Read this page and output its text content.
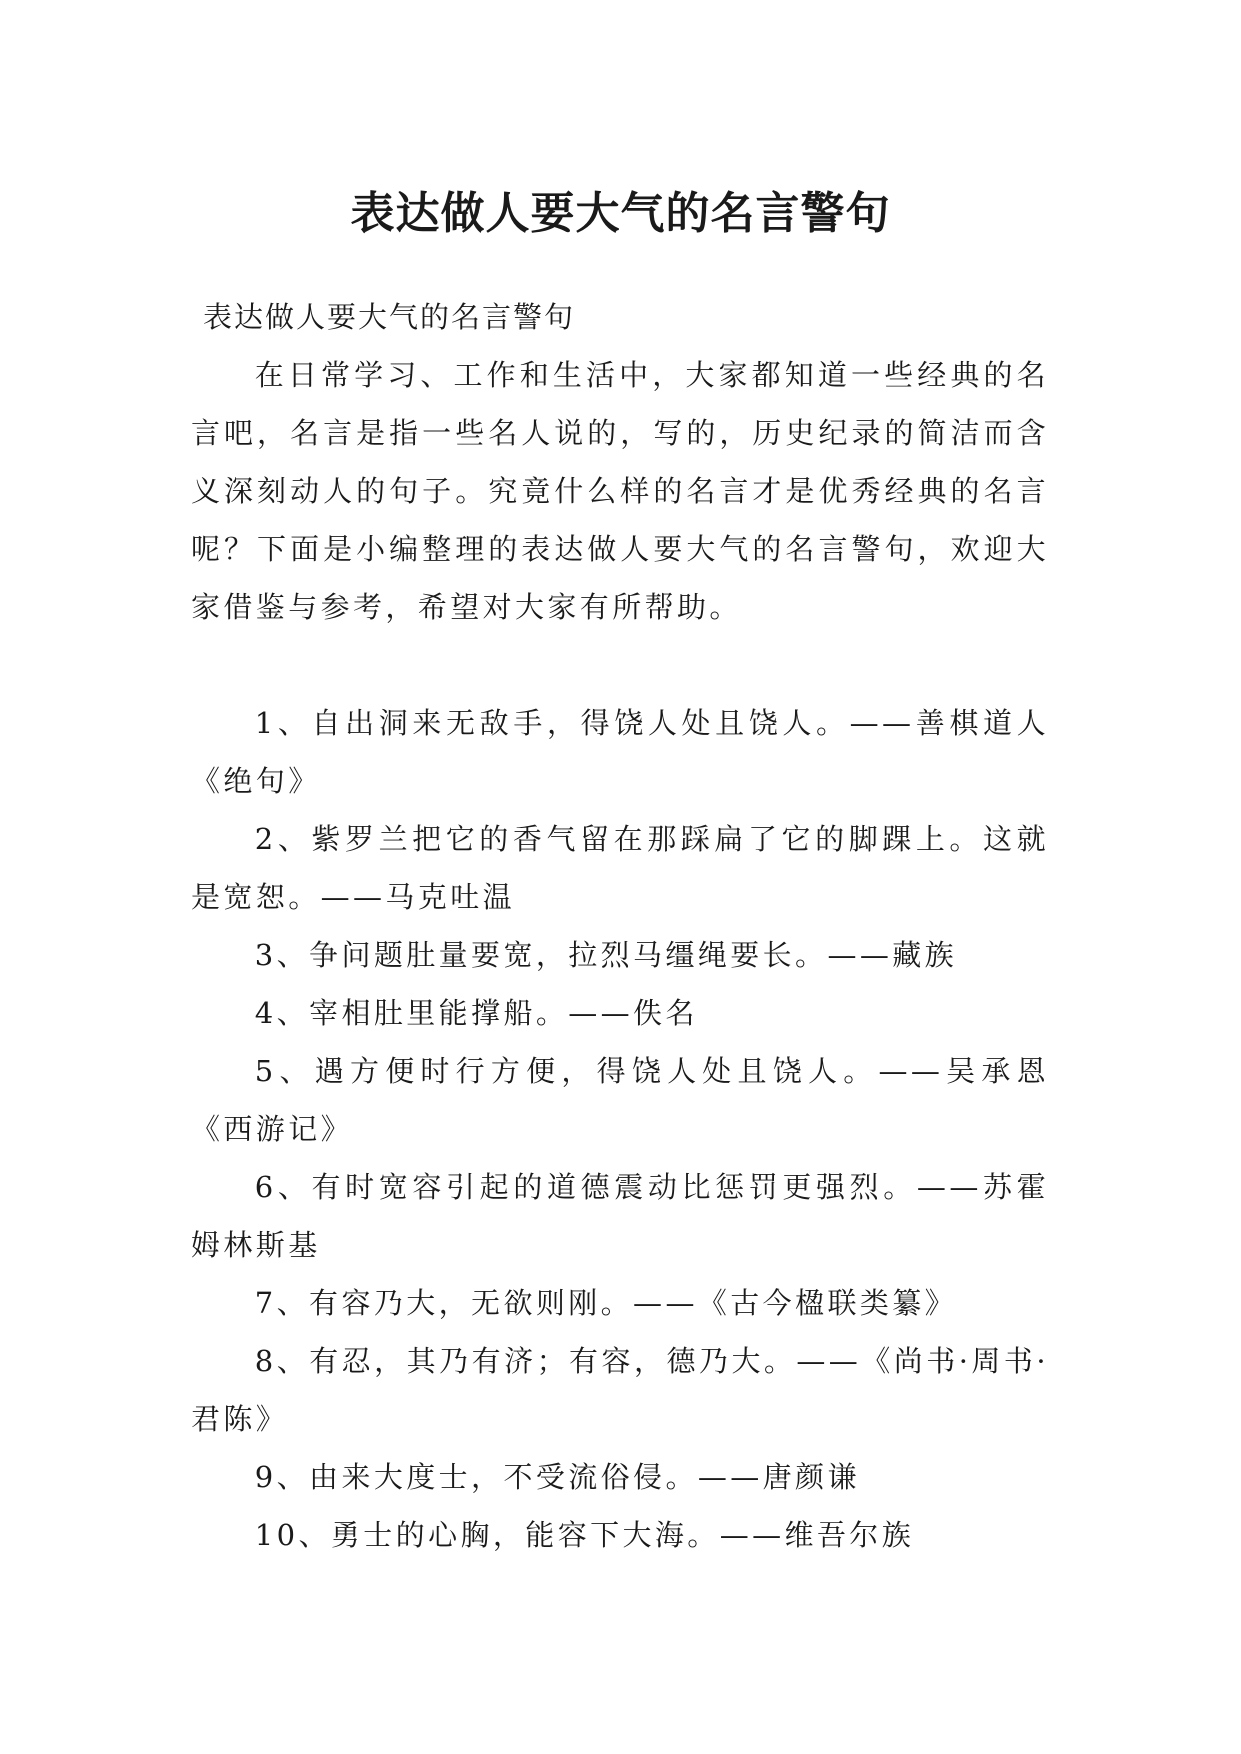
表达做人要大气的名言警句

表达做人要大气的名言警句

在日常学习、工作和生活中，大家都知道一些经典的名言吧，名言是指一些名人说的，写的，历史纪录的简洁而含义深刻动人的句子。究竟什么样的名言才是优秀经典的名言呢？下面是小编整理的表达做人要大气的名言警句，欢迎大家借鉴与参考，希望对大家有所帮助。

1、自出洞来无敌手，得饶人处且饶人。——善棋道人《绝句》
2、紫罗兰把它的香气留在那踩扁了它的脚踝上。这就是宽恕。——马克吐温
3、争问题肚量要宽，拉烈马缰绳要长。——藏族
4、宰相肚里能撑船。——佚名
5、遇方便时行方便，得饶人处且饶人。——吴承恩《西游记》
6、有时宽容引起的道德震动比惩罚更强烈。——苏霍姆林斯基
7、有容乃大，无欲则刚。——《古今楹联类纂》
8、有忍，其乃有济；有容，德乃大。——《尚书·周书·君陈》
9、由来大度士，不受流俗侵。——唐颜谦
10、勇士的心胸，能容下大海。——维吾尔族
